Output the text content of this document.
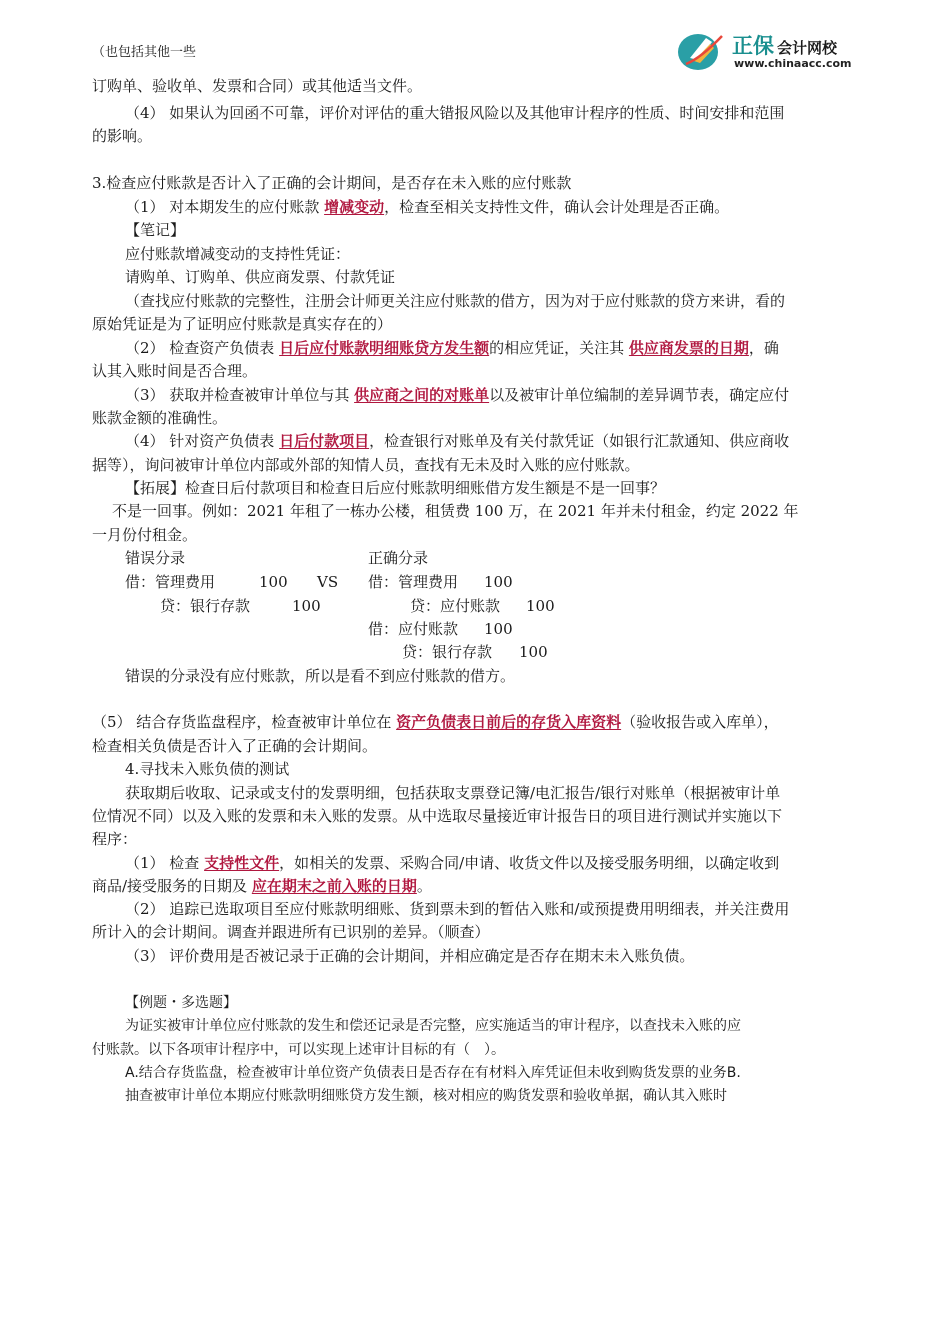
正保 会计网校
www.chinaacc.com
（也包括其他一些
订购单、验收单、发票和合同）或其他适当文件。
（4） 如果认为回函不可靠，评价对评估的重大错报风险以及其他审计程序的性质、时间安排和范围
的影响。
3.检查应付账款是否计入了正确的会计期间，是否存在未入账的应付账款
（1） 对本期发生的应付账款 增减变动，检查至相关支持性文件，确认会计处理是否正确。
【笔记】
应付账款增减变动的支持性凭证：
请购单、订购单、供应商发票、付款凭证
（查找应付账款的完整性，注册会计师更关注应付账款的借方，因为对于应付账款的贷方来讲，看的
原始凭证是为了证明应付账款是真实存在的）
（2） 检查资产负债表 日后应付账款明细账贷方发生额的相应凭证，关注其 供应商发票的日期，确
认其入账时间是否合理。
（3） 获取并检查被审计单位与其 供应商之间的对账单以及被审计单位编制的差异调节表，确定应付
账款金额的准确性。
（4） 针对资产负债表 日后付款项目，检查银行对账单及有关付款凭证（如银行汇款通知、供应商收
据等），询问被审计单位内部或外部的知情人员，查找有无未及时入账的应付账款。
【拓展】检查日后付款项目和检查日后应付账款明细账借方发生额是不是一回事？
不是一回事。例如：2021 年租了一栋办公楼，租赁费 100 万，在 2021 年并未付租金，约定 2022 年
一月份付租金。
错误分录	正确分录
借：管理费用	100 VS 借：管理费用 100
贷：银行存款	100	贷：应付账款 100
借：应付账款 100
贷：银行存款 100
错误的分录没有应付账款，所以是看不到应付账款的借方。
（5） 结合存货监盘程序，检查被审计单位在 资产负债表日前后的存货入库资料（验收报告或入库单），
检查相关负债是否计入了正确的会计期间。
4.寻找未入账负债的测试
获取期后收取、记录或支付的发票明细，包括获取支票登记簿/电汇报告/银行对账单（根据被审计单
位情况不同）以及入账的发票和未入账的发票。从中选取尽量接近审计报告日的项目进行测试并实施以下
程序：
（1） 检查 支持性文件，如相关的发票、采购合同/申请、收货文件以及接受服务明细，以确定收到
商品/接受服务的日期及 应在期末之前入账的日期。
（2） 追踪已选取项目至应付账款明细账、货到票未到的暂估入账和/或预提费用明细表，并关注费用
所计入的会计期间。调查并跟进所有已识别的差异。（顺查）
（3） 评价费用是否被记录于正确的会计期间，并相应确定是否存在期末未入账负债。
【例题・多选题】
为证实被审计单位应付账款的发生和偿还记录是否完整，应实施适当的审计程序，以查找未入账的应
付账款。以下各项审计程序中，可以实现上述审计目标的有（　）。
A.结合存货监盘，检查被审计单位资产负债表日是否存在有材料入库凭证但未收到购货发票的业务B.
抽查被审计单位本期应付账款明细账贷方发生额，核对相应的购货发票和验收单据，确认其入账时
